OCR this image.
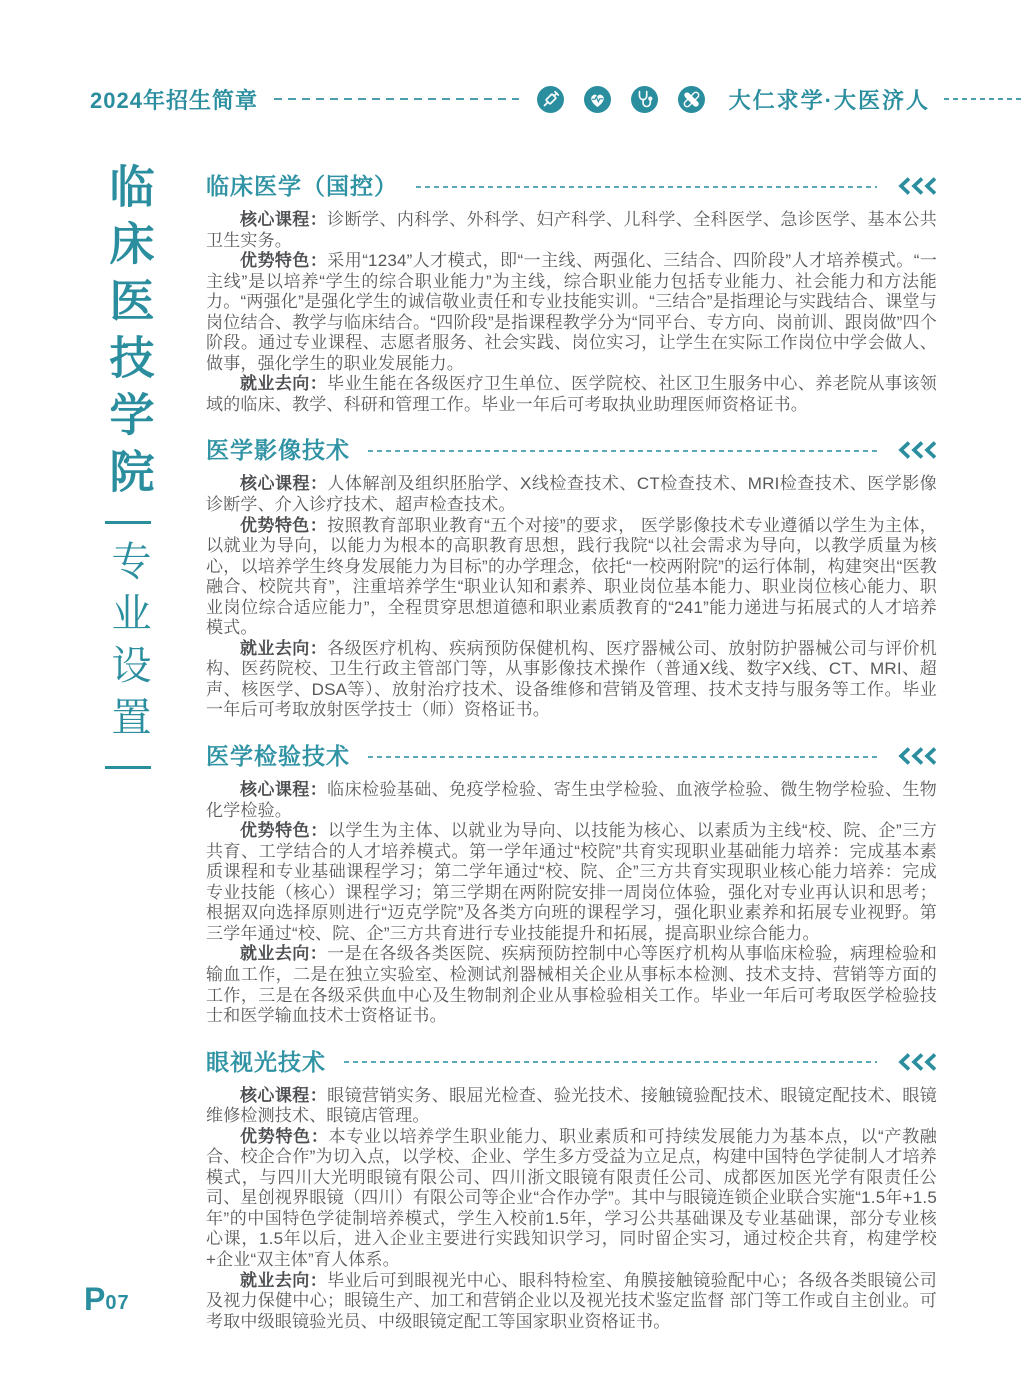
2024年招生简章	大仁求学·大医济人
临床医技学院
专业设置
临床医学（国控）

核心课程：诊断学、内科学、外科学、妇产科学、儿科学、全科医学、急诊医学、基本公共卫生实务。

优势特色：采用“1234”人才模式，即“一主线、两强化、三结合、四阶段”人才培养模式。“一主线”是以培养“学生的综合职业能力”为主线，综合职业能力包括专业能力、社会能力和方法能力。“两强化”是强化学生的诚信敬业责任和专业技能实训。“三结合”是指理论与实践结合、课堂与岗位结合、教学与临床结合。“四阶段”是指课程教学分为“同平台、专方向、岗前训、跟岗做”四个阶段。通过专业课程、志愿者服务、社会实践、岗位实习，让学生在实际工作岗位中学会做人、做事，强化学生的职业发展能力。

就业去向：毕业生能在各级医疗卫生单位、医学院校、社区卫生服务中心、养老院从事该领域的临床、教学、科研和管理工作。毕业一年后可考取执业助理医师资格证书。

医学影像技术

核心课程：人体解剖及组织胚胎学、X线检查技术、CT检查技术、MRI检查技术、医学影像诊断学、介入诊疗技术、超声检查技术。

优势特色：按照教育部职业教育“五个对接”的要求， 医学影像技术专业遵循以学生为主体，以就业为导向，以能力为根本的高职教育思想，践行我院“以社会需求为导向，以教学质量为核心，以培养学生终身发展能力为目标”的办学理念，依托“一校两附院”的运行体制，构建突出“医教融合、校院共育”，注重培养学生“职业认知和素养、职业岗位基本能力、职业岗位核心能力、职业岗位综合适应能力”，全程贯穿思想道德和职业素质教育的“241”能力递进与拓展式的人才培养模式。

就业去向：各级医疗机构、疾病预防保健机构、医疗器械公司、放射防护器械公司与评价机构、医药院校、卫生行政主管部门等，从事影像技术操作（普通X线、数字X线、CT、MRI、超声、核医学、DSA等）、放射治疗技术、设备维修和营销及管理、技术支持与服务等工作。毕业一年后可考取放射医学技士（师）资格证书。

医学检验技术

核心课程：临床检验基础、免疫学检验、寄生虫学检验、血液学检验、微生物学检验、生物化学检验。

优势特色：以学生为主体、以就业为导向、以技能为核心、以素质为主线“校、院、企”三方共育、工学结合的人才培养模式。第一学年通过“校院”共育实现职业基础能力培养：完成基本素质课程和专业基础课程学习；第二学年通过“校、院、企”三方共育实现职业核心能力培养：完成专业技能（核心）课程学习；第三学期在两附院安排一周岗位体验，强化对专业再认识和思考；根据双向选择原则进行“迈克学院”及各类方向班的课程学习，强化职业素养和拓展专业视野。第三学年通过“校、院、企”三方共育进行专业技能提升和拓展，提高职业综合能力。

就业去向：一是在各级各类医院、疾病预防控制中心等医疗机构从事临床检验，病理检验和输血工作，二是在独立实验室、检测试剂器械相关企业从事标本检测、技术支持、营销等方面的工作，三是在各级采供血中心及生物制剂企业从事检验相关工作。毕业一年后可考取医学检验技士和医学输血技术士资格证书。

眼视光技术

核心课程：眼镜营销实务、眼屈光检查、验光技术、接触镜验配技术、眼镜定配技术、眼镜维修检测技术、眼镜店管理。

优势特色：本专业以培养学生职业能力、职业素质和可持续发展能力为基本点，以“产教融合、校企合作”为切入点，以学校、企业、学生多方受益为立足点，构建中国特色学徒制人才培养模式，与四川大光明眼镜有限公司、四川浙文眼镜有限责任公司、成都医加医光学有限责任公司、星创视界眼镜（四川）有限公司等企业“合作办学”。其中与眼镜连锁企业联合实施“1.5年+1.5年”的中国特色学徒制培养模式，学生入校前1.5年，学习公共基础课及专业基础课，部分专业核心课，1.5年以后，进入企业主要进行实践知识学习，同时留企实习，通过校企共育，构建学校+企业“双主体”育人体系。

就业去向：毕业后可到眼视光中心、眼科特检室、角膜接触镜验配中心；各级各类眼镜公司及视力保健中心；眼镜生产、加工和营销企业以及视光技术鉴定监督 部门等工作或自主创业。可考取中级眼镜验光员、中级眼镜定配工等国家职业资格证书。

P 07
